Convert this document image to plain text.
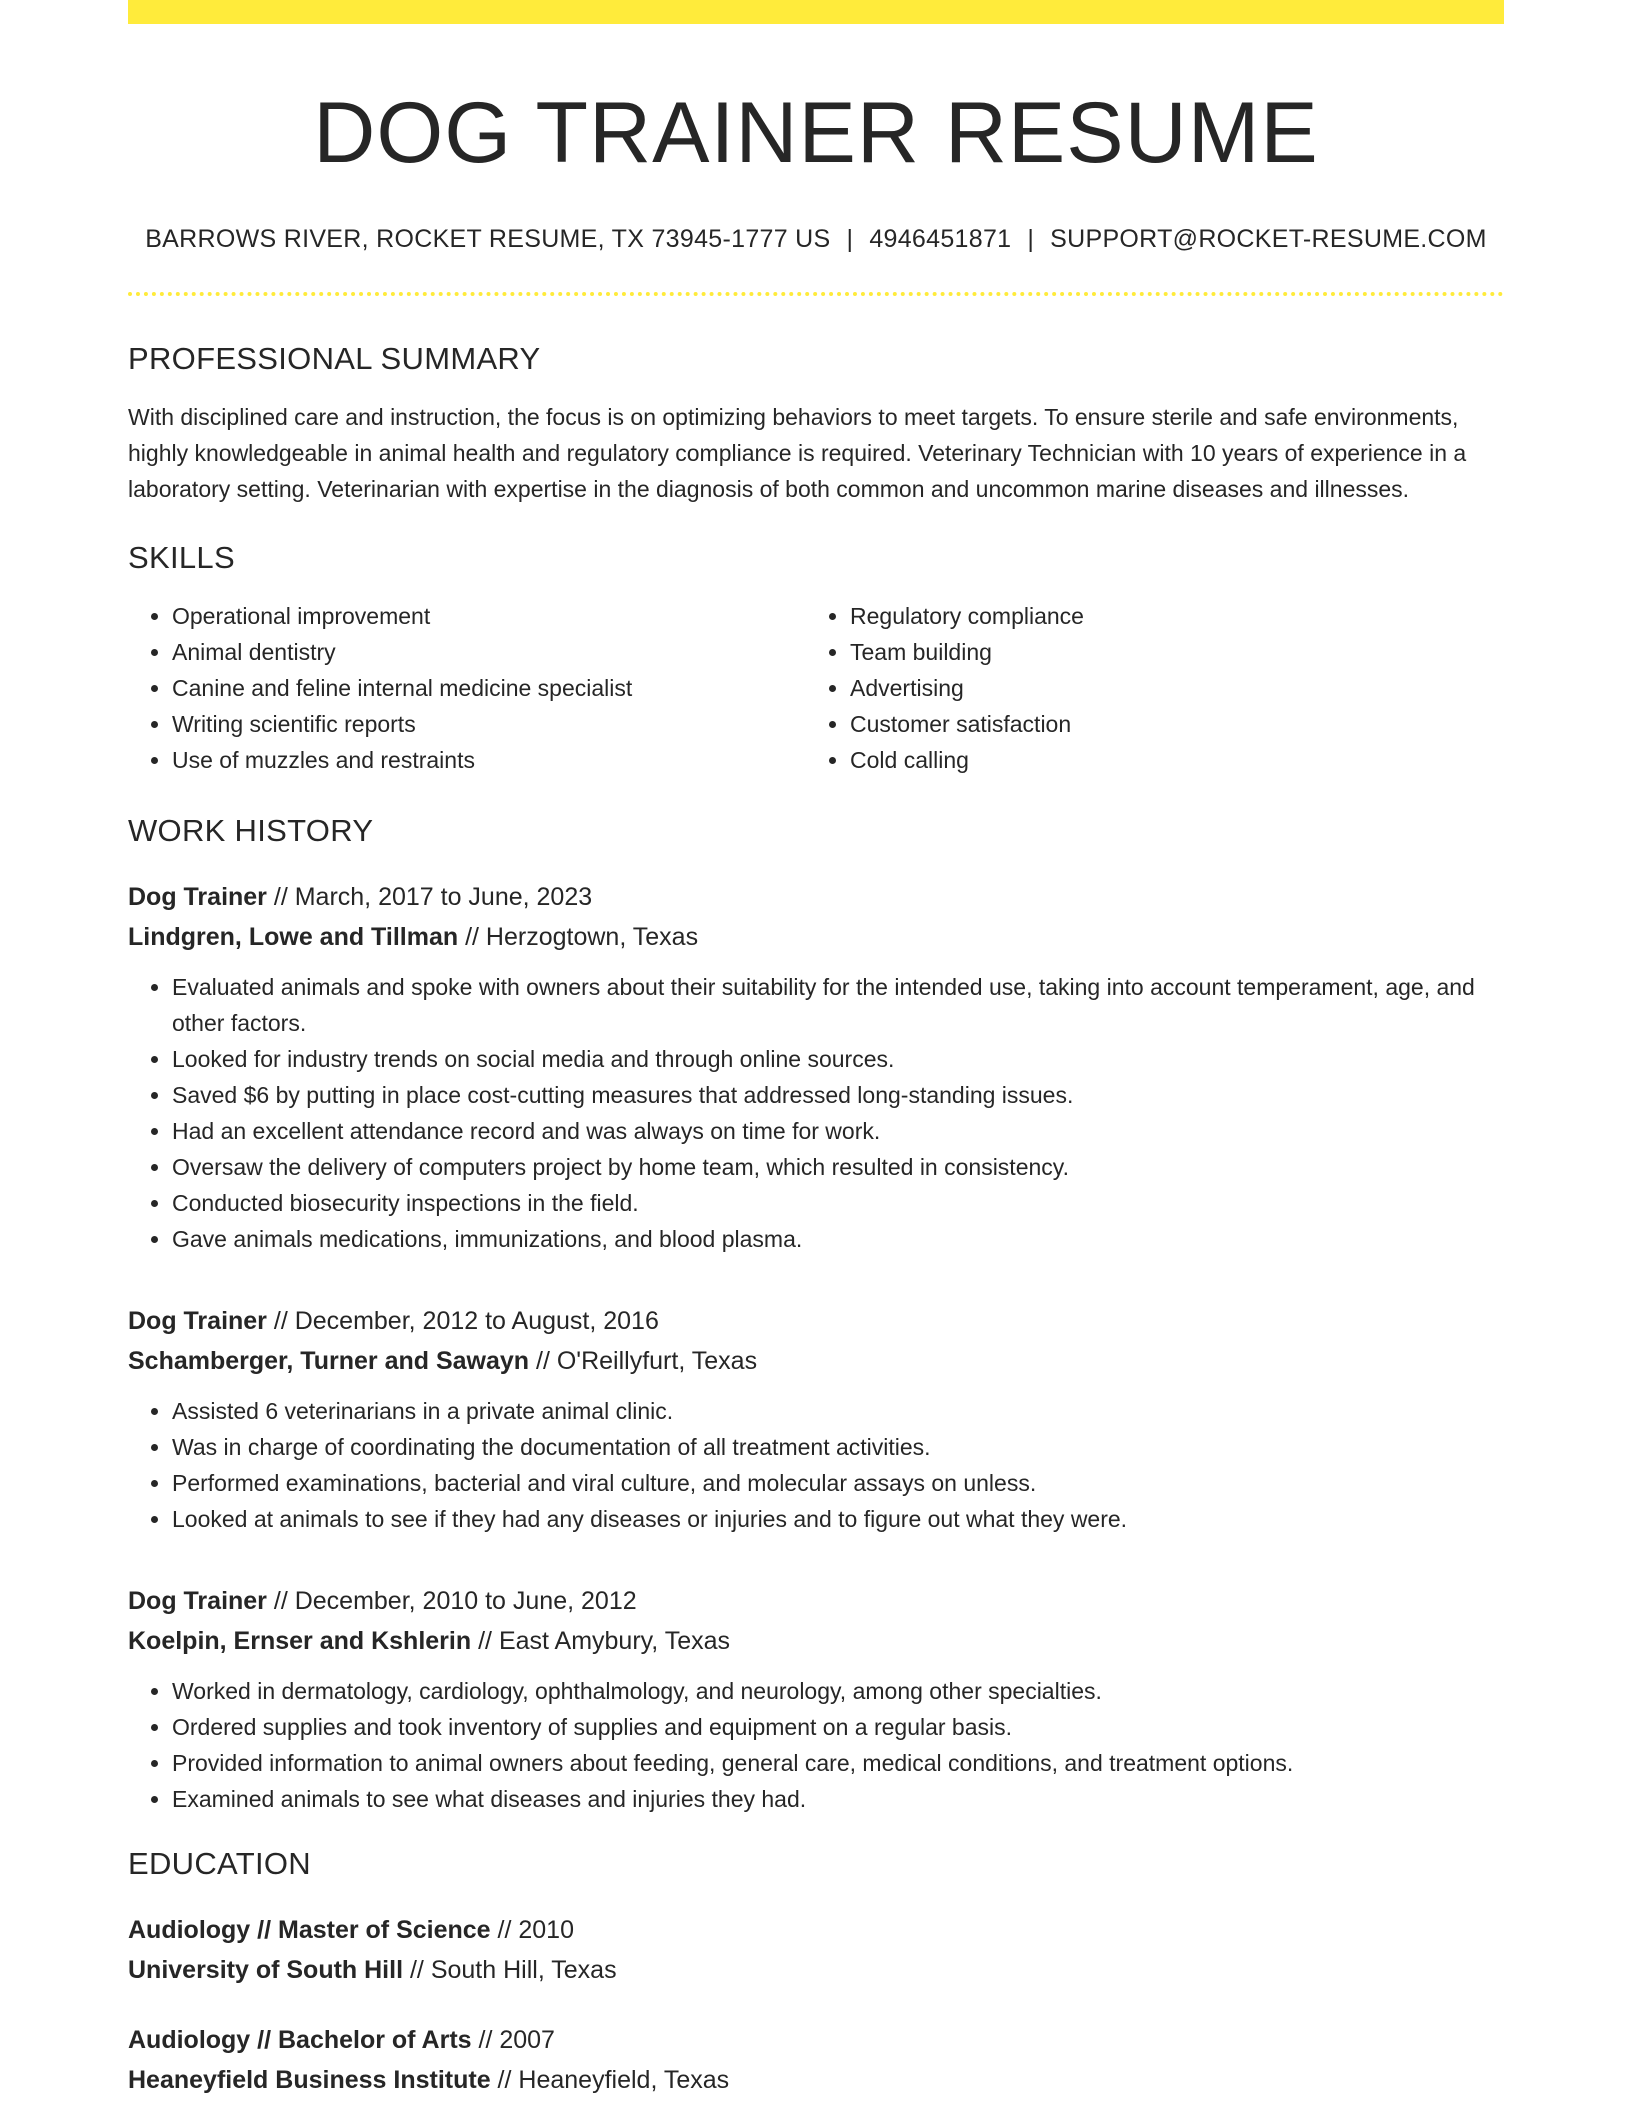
DOG TRAINER RESUME
BARROWS RIVER, ROCKET RESUME, TX 73945-1777 US | 4946451871 | SUPPORT@ROCKET-RESUME.COM
PROFESSIONAL SUMMARY

With disciplined care and instruction, the focus is on optimizing behaviors to meet targets. To ensure sterile and safe environments, highly knowledgeable in animal health and regulatory compliance is required. Veterinary Technician with 10 years of experience in a laboratory setting. Veterinarian with expertise in the diagnosis of both common and uncommon marine diseases and illnesses.

SKILLS
• Operational improvement
• Animal dentistry
• Canine and feline internal medicine specialist
• Writing scientific reports
• Use of muzzles and restraints
• Regulatory compliance
• Team building
• Advertising
• Customer satisfaction
• Cold calling
WORK HISTORY
Dog Trainer // March, 2017 to June, 2023
Lindgren, Lowe and Tillman // Herzogtown, Texas
• Evaluated animals and spoke with owners about their suitability for the intended use, taking into account temperament, age, and other factors.
• Looked for industry trends on social media and through online sources.
• Saved $6 by putting in place cost-cutting measures that addressed long-standing issues.
• Had an excellent attendance record and was always on time for work.
• Oversaw the delivery of computers project by home team, which resulted in consistency.
• Conducted biosecurity inspections in the field.
• Gave animals medications, immunizations, and blood plasma.
Dog Trainer // December, 2012 to August, 2016
Schamberger, Turner and Sawayn // O'Reillyfurt, Texas
• Assisted 6 veterinarians in a private animal clinic.
• Was in charge of coordinating the documentation of all treatment activities.
• Performed examinations, bacterial and viral culture, and molecular assays on unless.
• Looked at animals to see if they had any diseases or injuries and to figure out what they were.
Dog Trainer // December, 2010 to June, 2012
Koelpin, Ernser and Kshlerin // East Amybury, Texas
• Worked in dermatology, cardiology, ophthalmology, and neurology, among other specialties.
• Ordered supplies and took inventory of supplies and equipment on a regular basis.
• Provided information to animal owners about feeding, general care, medical conditions, and treatment options.
• Examined animals to see what diseases and injuries they had.
EDUCATION
Audiology // Master of Science // 2010
University of South Hill // South Hill, Texas
Audiology // Bachelor of Arts // 2007
Heaneyfield Business Institute // Heaneyfield, Texas
